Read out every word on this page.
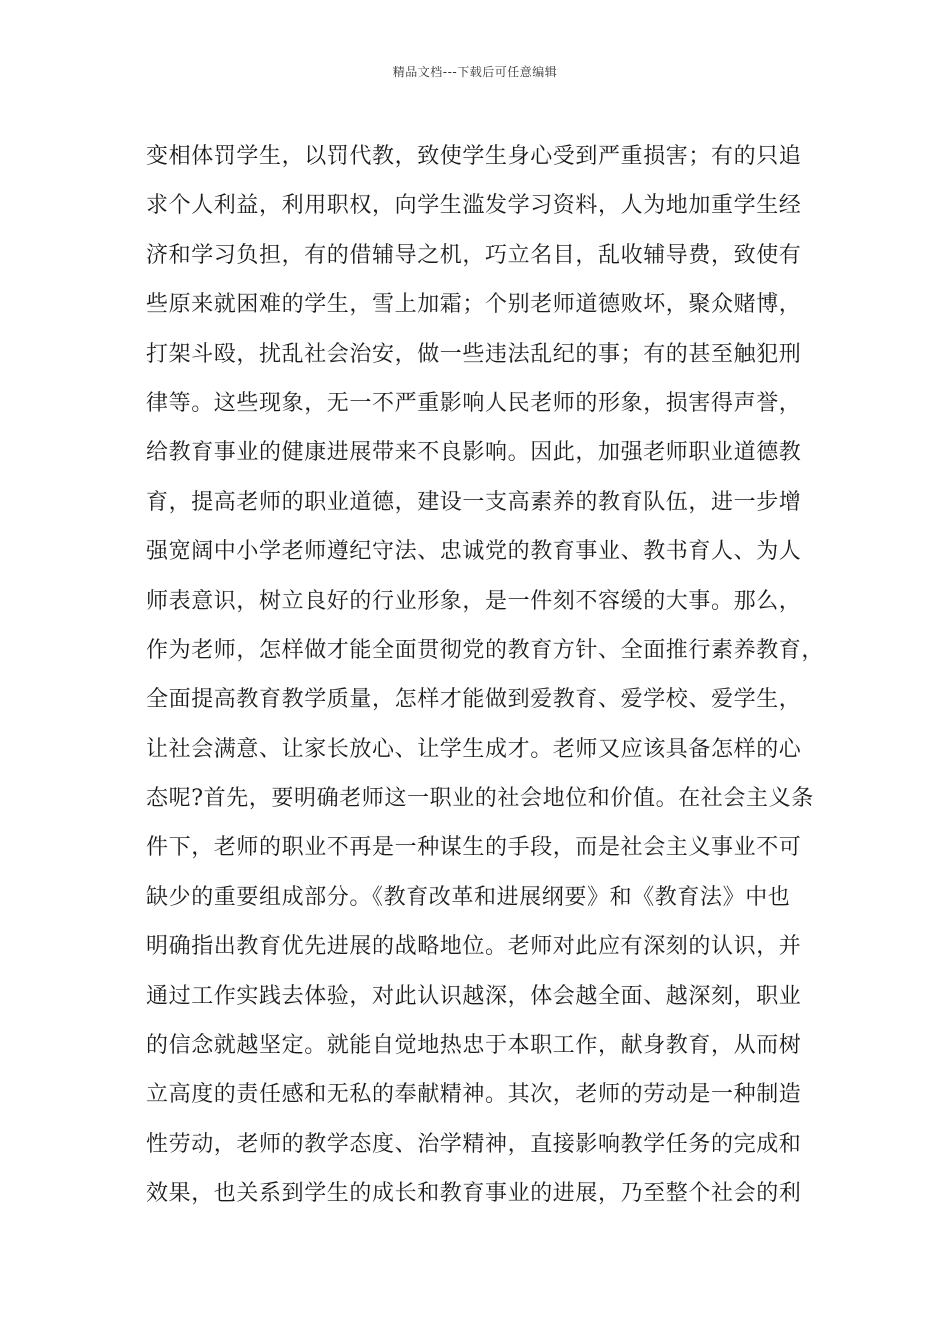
精品文档---下载后可任意编辑
变相体罚学生，以罚代教，致使学生身心受到严重损害；有的只追
求个人利益，利用职权，向学生滥发学习资料，人为地加重学生经
济和学习负担，有的借辅导之机，巧立名目，乱收辅导费，致使有
些原来就困难的学生，雪上加霜；个别老师道德败坏，聚众赌博，
打架斗殴，扰乱社会治安，做一些违法乱纪的事；有的甚至触犯刑
律等。这些现象，无一不严重影响人民老师的形象，损害得声誉，
给教育事业的健康进展带来不良影响。因此，加强老师职业道德教
育，提高老师的职业道德，建设一支高素养的教育队伍，进一步增
强宽阔中小学老师遵纪守法、忠诚党的教育事业、教书育人、为人
师表意识，树立良好的行业形象，是一件刻不容缓的大事。那么，
作为老师，怎样做才能全面贯彻党的教育方针、全面推行素养教育，
全面提高教育教学质量，怎样才能做到爱教育、爱学校、爱学生，
让社会满意、让家长放心、让学生成才。老师又应该具备怎样的心
态呢?首先，要明确老师这一职业的社会地位和价值。在社会主义条
件下，老师的职业不再是一种谋生的手段，而是社会主义事业不可
缺少的重要组成部分。《教育改革和进展纲要》和《教育法》中也
明确指出教育优先进展的战略地位。老师对此应有深刻的认识，并
通过工作实践去体验，对此认识越深，体会越全面、越深刻，职业
的信念就越坚定。就能自觉地热忠于本职工作，献身教育，从而树
立高度的责任感和无私的奉献精神。其次，老师的劳动是一种制造
性劳动，老师的教学态度、治学精神，直接影响教学任务的完成和
效果，也关系到学生的成长和教育事业的进展，乃至整个社会的利
